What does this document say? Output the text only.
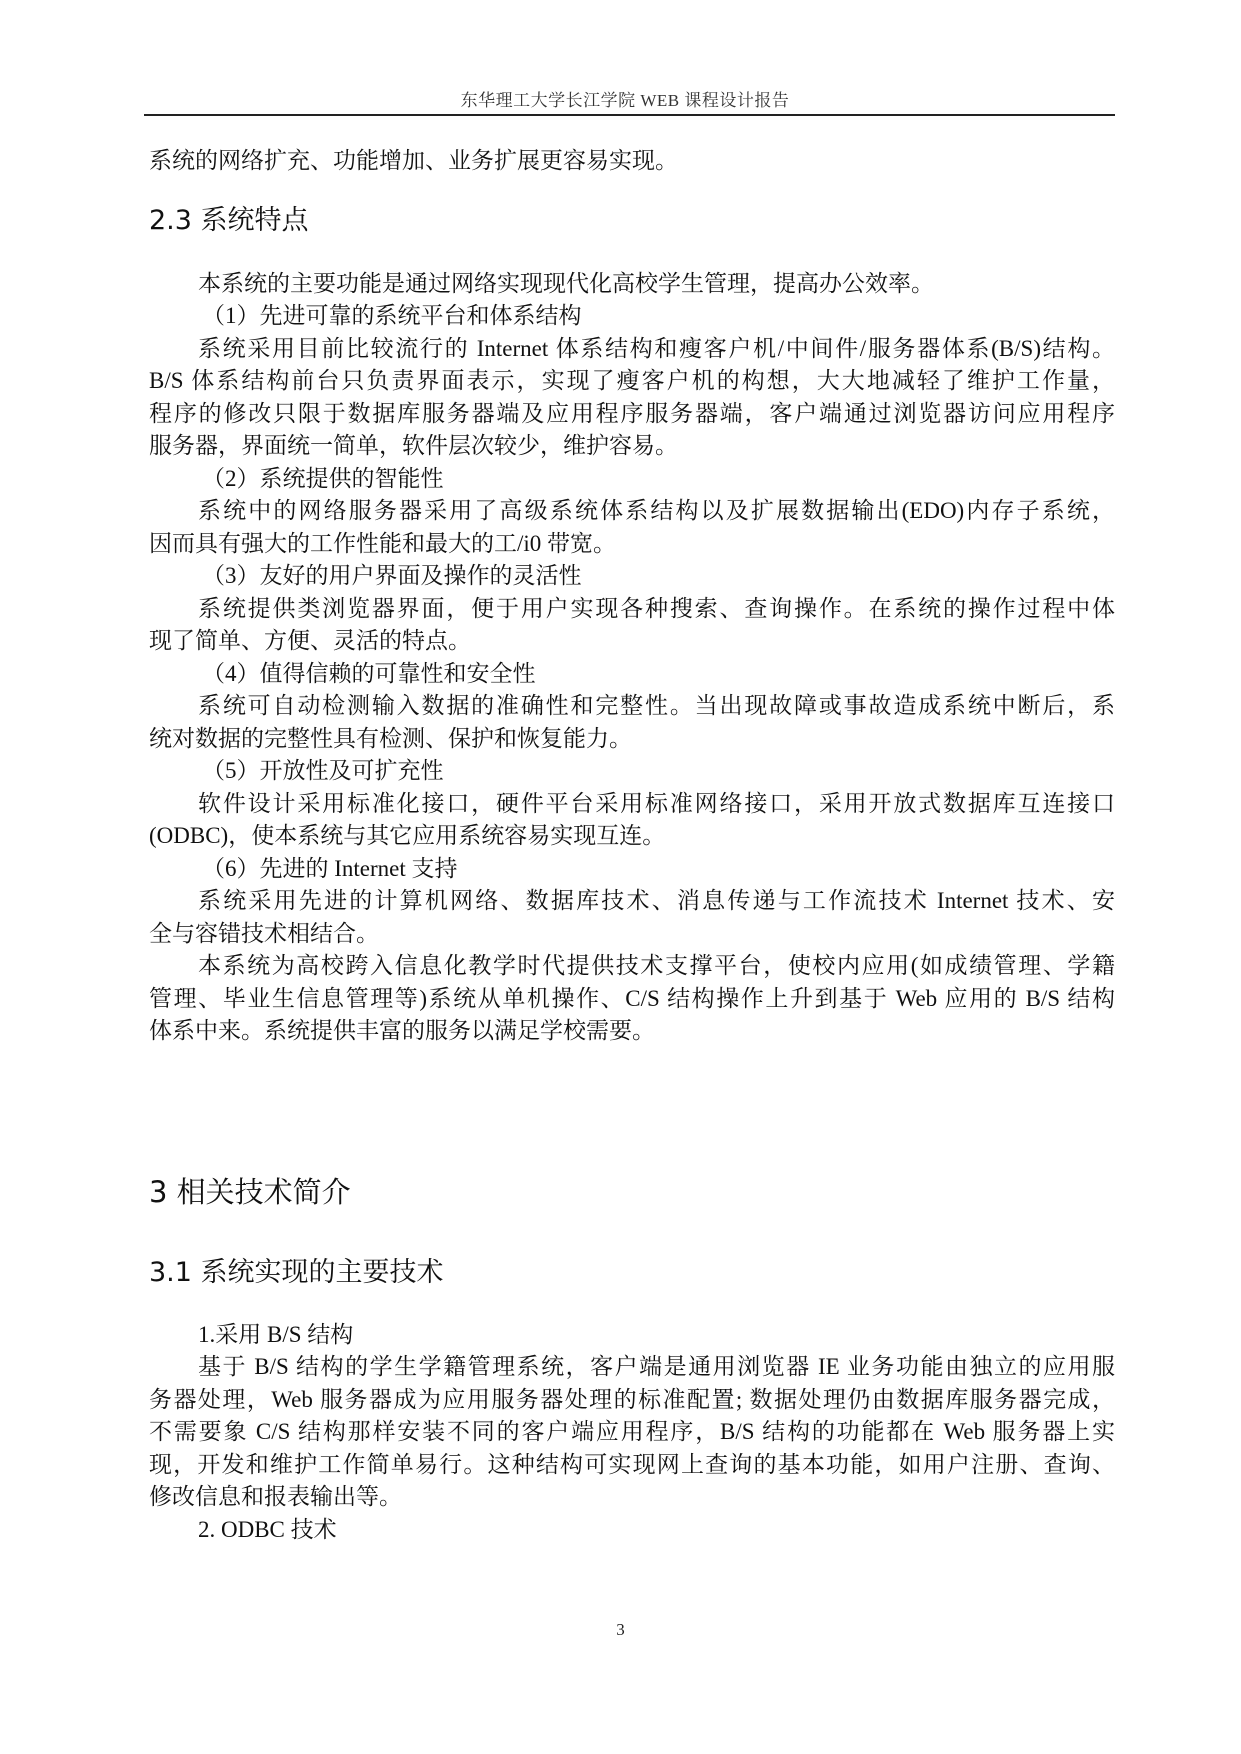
东华理工大学长江学院 WEB 课程设计报告
系统的网络扩充、功能增加、业务扩展更容易实现。
2.3 系统特点
本系统的主要功能是通过网络实现现代化高校学生管理，提高办公效率。
（1）先进可靠的系统平台和体系结构
系统采用目前比较流行的 Internet 体系结构和瘦客户机/中间件/服务器体系(B/S)结构。
B/S 体系结构前台只负责界面表示，实现了瘦客户机的构想，大大地减轻了维护工作量，
程序的修改只限于数据库服务器端及应用程序服务器端，客户端通过浏览器访问应用程序
服务器，界面统一简单，软件层次较少，维护容易。
（2）系统提供的智能性
系统中的网络服务器采用了高级系统体系结构以及扩展数据输出(EDO)内存子系统，
因而具有强大的工作性能和最大的工/i0 带宽。
（3）友好的用户界面及操作的灵活性
系统提供类浏览器界面，便于用户实现各种搜索、查询操作。在系统的操作过程中体
现了简单、方便、灵活的特点。
（4）值得信赖的可靠性和安全性
系统可自动检测输入数据的准确性和完整性。当出现故障或事故造成系统中断后，系
统对数据的完整性具有检测、保护和恢复能力。
（5）开放性及可扩充性
软件设计采用标准化接口，硬件平台采用标准网络接口，采用开放式数据库互连接口
(ODBC)，使本系统与其它应用系统容易实现互连。
（6）先进的 Internet 支持
系统采用先进的计算机网络、数据库技术、消息传递与工作流技术 Internet 技术、安
全与容错技术相结合。
本系统为高校跨入信息化教学时代提供技术支撑平台，使校内应用(如成绩管理、学籍
管理、毕业生信息管理等)系统从单机操作、C/S 结构操作上升到基于 Web 应用的 B/S 结构
体系中来。系统提供丰富的服务以满足学校需要。
3 相关技术简介
3.1 系统实现的主要技术
1.采用 B/S 结构
基于 B/S 结构的学生学籍管理系统，客户端是通用浏览器 IE 业务功能由独立的应用服
务器处理，Web 服务器成为应用服务器处理的标准配置; 数据处理仍由数据库服务器完成，
不需要象 C/S 结构那样安装不同的客户端应用程序，B/S 结构的功能都在 Web 服务器上实
现，开发和维护工作简单易行。这种结构可实现网上查询的基本功能，如用户注册、查询、
修改信息和报表输出等。
2. ODBC 技术
3
